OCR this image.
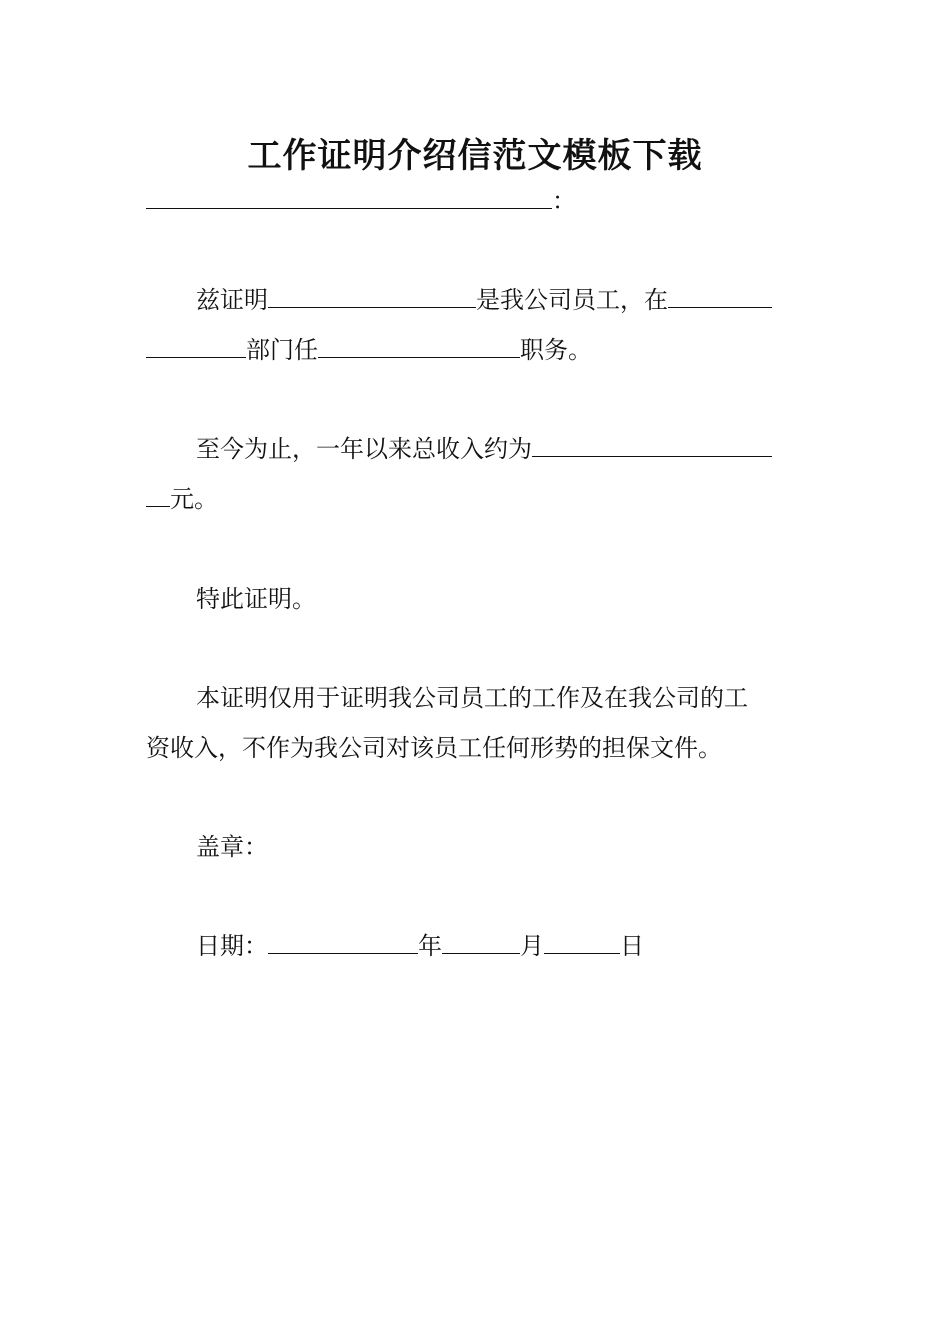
工作证明介绍信范文模板下载
：
兹证明	是我公司员工，在
部门任	职务。
至今为止，一年以来总收入约为
元。
特此证明。
本证明仅用于证明我公司员工的工作及在我公司的工
资收入，不作为我公司对该员工任何形势的担保文件。
盖章：
日期：	年	月	日
